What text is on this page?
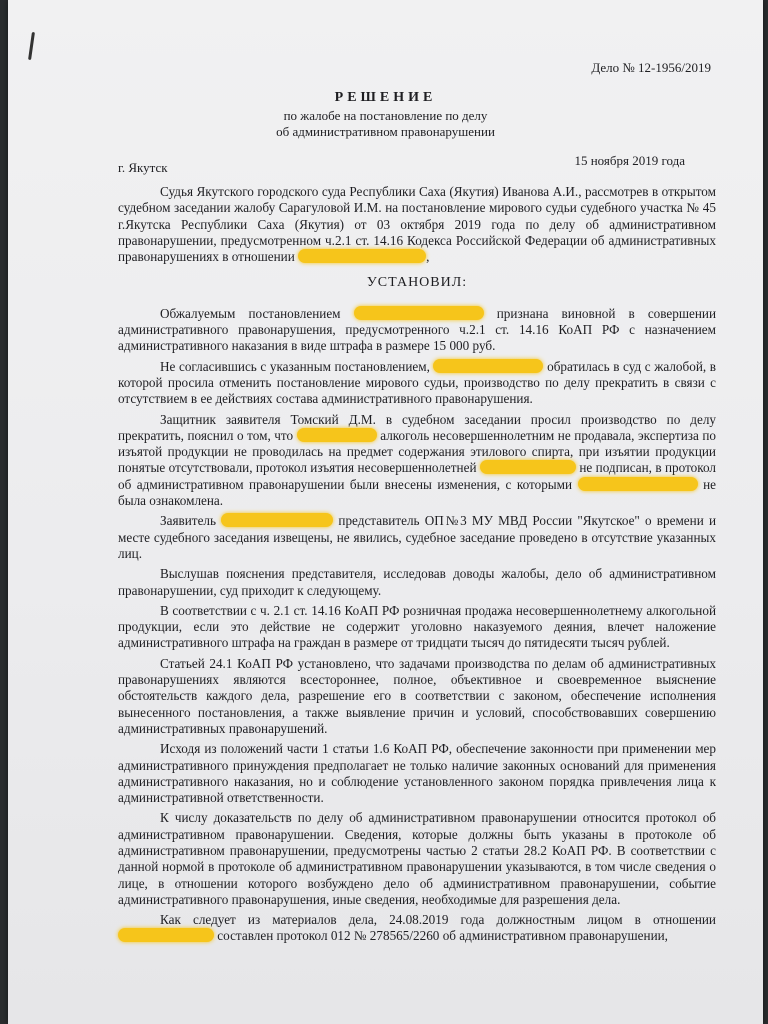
Дело № 12-1956/2019
РЕШЕНИЕ
по жалобе на постановление по делу
об административном правонарушении
г. Якутск	15 ноября 2019 года

Судья Якутского городского суда Республики Саха (Якутия) Иванова А.И., рассмотрев в открытом судебном заседании жалобу Сарагуловой И.М. на постановление мирового судьи судебного участка № 45 г.Якутска Республики Саха (Якутия) от 03 октября 2019 года по делу об административном правонарушении, предусмотренном ч.2.1 ст. 14.16 Кодекса Российской Федерации об административных правонарушениях в отношении	,

УСТАНОВИЛ:

Обжалуемым постановлением	признана виновной в совершении административного правонарушения, предусмотренного ч.2.1 ст. 14.16 КоАП РФ с назначением административного наказания в виде штрафа в размере 15 000 руб.

Не согласившись с указанным постановлением,	обратилась в суд с жалобой, в которой просила отменить постановление мирового судьи, производство по делу прекратить в связи с отсутствием в ее действиях состава административного правонарушения.

Защитник заявителя Томский Д.М. в судебном заседании просил производство по делу прекратить, пояснил о том, что	алкоголь несовершеннолетним не продавала, экспертиза по изъятой продукции не проводилась на предмет содержания этилового спирта, при изъятии продукции понятые отсутствовали, протокол изъятия несовершеннолетней	не подписан, в протокол об административном правонарушении были внесены изменения, с которыми	не была ознакомлена.

Заявитель	представитель ОП№3 МУ МВД России "Якутское" о времени и месте судебного заседания извещены, не явились, судебное заседание проведено в отсутствие указанных лиц.

Выслушав пояснения представителя, исследовав доводы жалобы, дело об административном правонарушении, суд приходит к следующему.

В соответствии с ч. 2.1 ст. 14.16 КоАП РФ розничная продажа несовершеннолетнему алкогольной продукции, если это действие не содержит уголовно наказуемого деяния, влечет наложение административного штрафа на граждан в размере от тридцати тысяч до пятидесяти тысяч рублей.

Статьей 24.1 КоАП РФ установлено, что задачами производства по делам об административных правонарушениях являются всестороннее, полное, объективное и своевременное выяснение обстоятельств каждого дела, разрешение его в соответствии с законом, обеспечение исполнения вынесенного постановления, а также выявление причин и условий, способствовавших совершению административных правонарушений.

Исходя из положений части 1 статьи 1.6 КоАП РФ, обеспечение законности при применении мер административного принуждения предполагает не только наличие законных оснований для применения административного наказания, но и соблюдение установленного законом порядка привлечения лица к административной ответственности.

К числу доказательств по делу об административном правонарушении относится протокол об административном правонарушении. Сведения, которые должны быть указаны в протоколе об административном правонарушении, предусмотрены частью 2 статьи 28.2 КоАП РФ. В соответствии с данной нормой в протоколе об административном правонарушении указываются, в том числе сведения о лице, в отношении которого возбуждено дело об административном правонарушении, событие административного правонарушения, иные сведения, необходимые для разрешения дела.

Как следует из материалов дела, 24.08.2019 года должностным лицом в отношении  составлен протокол 012 № 278565/2260 об административном правонарушении,
